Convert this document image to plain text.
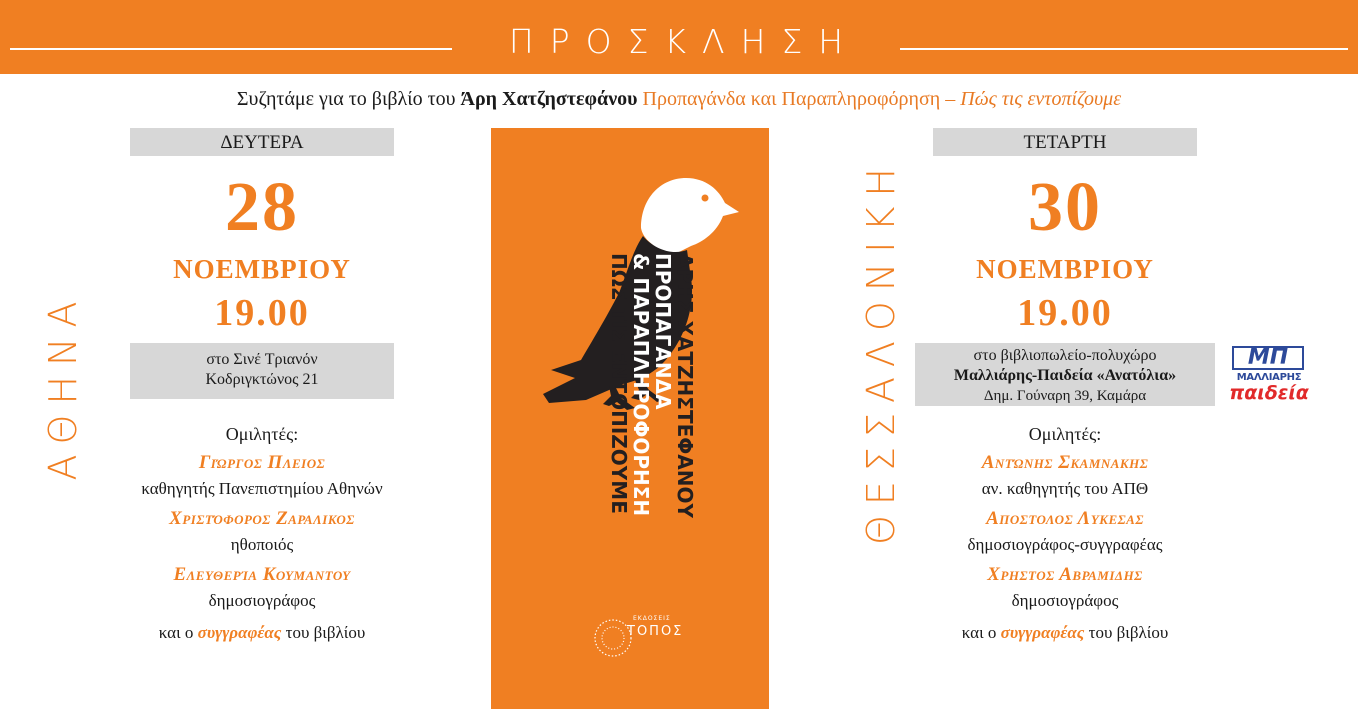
ΠΡΟΣΚΛΗΣΗ
Συζητάμε για το βιβλίο του Άρη Χατζηστεφάνου Προπαγάνδα και Παραπληροφόρηση – Πώς τις εντοπίζουμε
ΑΘΗΝΑ	ΘΕΣΣΑΛΟΝΙΚΗ
ΔΕΥΤΕΡΑ
28
ΝΟΕΜΒΡΙΟΥ
19.00
στο Σινέ Τριανόν
Κοδριγκτώνος 21
Ομιλητές:
Γιώργος Πλειος
καθηγητής Πανεπιστημίου Αθηνών
Χριστόφορος Ζαραλικος
ηθοποιός
Ελευθερία Κουμαντου
δημοσιογράφος
και ο συγγραφέας του βιβλίου
ΑΡΗΣ ΧΑΤΖΗΣΤΕΦΑΝΟΥ
ΠΡΟΠΑΓΑΝΔΑ
& ΠΑΡΑΠΛΗΡΟΦΟΡΗΣΗ
ΠΩΣ ΤΙΣ ΕΝΤΟΠΙΖΟΥΜΕ
ΕΚΔΟΣΕΙΣ
ΤΟΠΟΣ
ΤΕΤΑΡΤΗ
30
ΝΟΕΜΒΡΙΟΥ
19.00
στο βιβλιοπωλείο-πολυχώρο
Μαλλιάρης-Παιδεία «Ανατόλια»
Δημ. Γούναρη 39, Καμάρα
Ομιλητές:
Αντώνης Σκαμνακης
αν. καθηγητής του ΑΠΘ
Αποστολος Λυκεσας
δημοσιογράφος-συγγραφέας
Χρηστος Αβραμιδης
δημοσιογράφος
και ο συγγραφέας του βιβλίου
ΜΠ
ΜΑΛΛΙΑΡΗΣ
παιδεία
